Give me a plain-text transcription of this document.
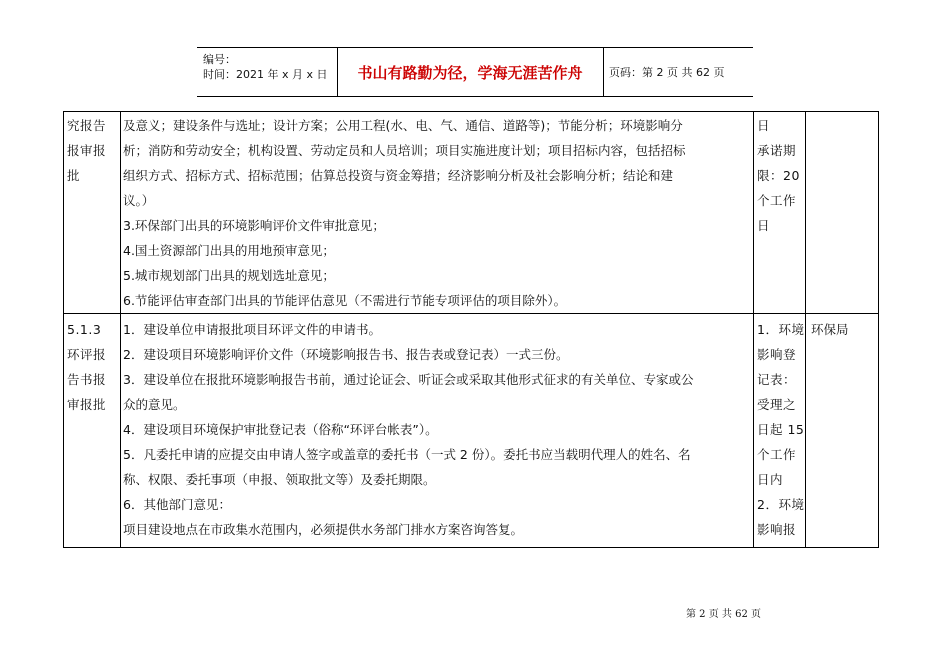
编号：
时间：2021 年 x 月 x 日	书山有路勤为径，学海无涯苦作舟	页码：第 2 页 共 62 页
究报告
报审报
批
及意义；建设条件与选址；设计方案；公用工程(水、电、气、通信、道路等)；节能分析；环境影响分
析；消防和劳动安全；机构设置、劳动定员和人员培训；项目实施进度计划；项目招标内容，包括招标
组织方式、招标方式、招标范围；估算总投资与资金筹措；经济影响分析及社会影响分析；结论和建
议。）
3.环保部门出具的环境影响评价文件审批意见；
4.国土资源部门出具的用地预审意见；
5.城市规划部门出具的规划选址意见；
6.节能评估审查部门出具的节能评估意见（不需进行节能专项评估的项目除外）。
日
承诺期
限：20
个工作
日
5.1.3
环评报
告书报
审报批
1．建设单位申请报批项目环评文件的申请书。
2．建设项目环境影响评价文件（环境影响报告书、报告表或登记表）一式三份。
3．建设单位在报批环境影响报告书前，通过论证会、听证会或采取其他形式征求的有关单位、专家或公
众的意见。
4．建设项目环境保护审批登记表（俗称“环评台帐表”）。
5．凡委托申请的应提交由申请人签字或盖章的委托书（一式 2 份）。委托书应当载明代理人的姓名、名
称、权限、委托事项（申报、领取批文等）及委托期限。
6．其他部门意见：
项目建设地点在市政集水范围内，必须提供水务部门排水方案咨询答复。
1．环境
影响登
记表：
受理之
日起 15
个工作
日内
2．环境
影响报
环保局
第 2 页 共 62 页
